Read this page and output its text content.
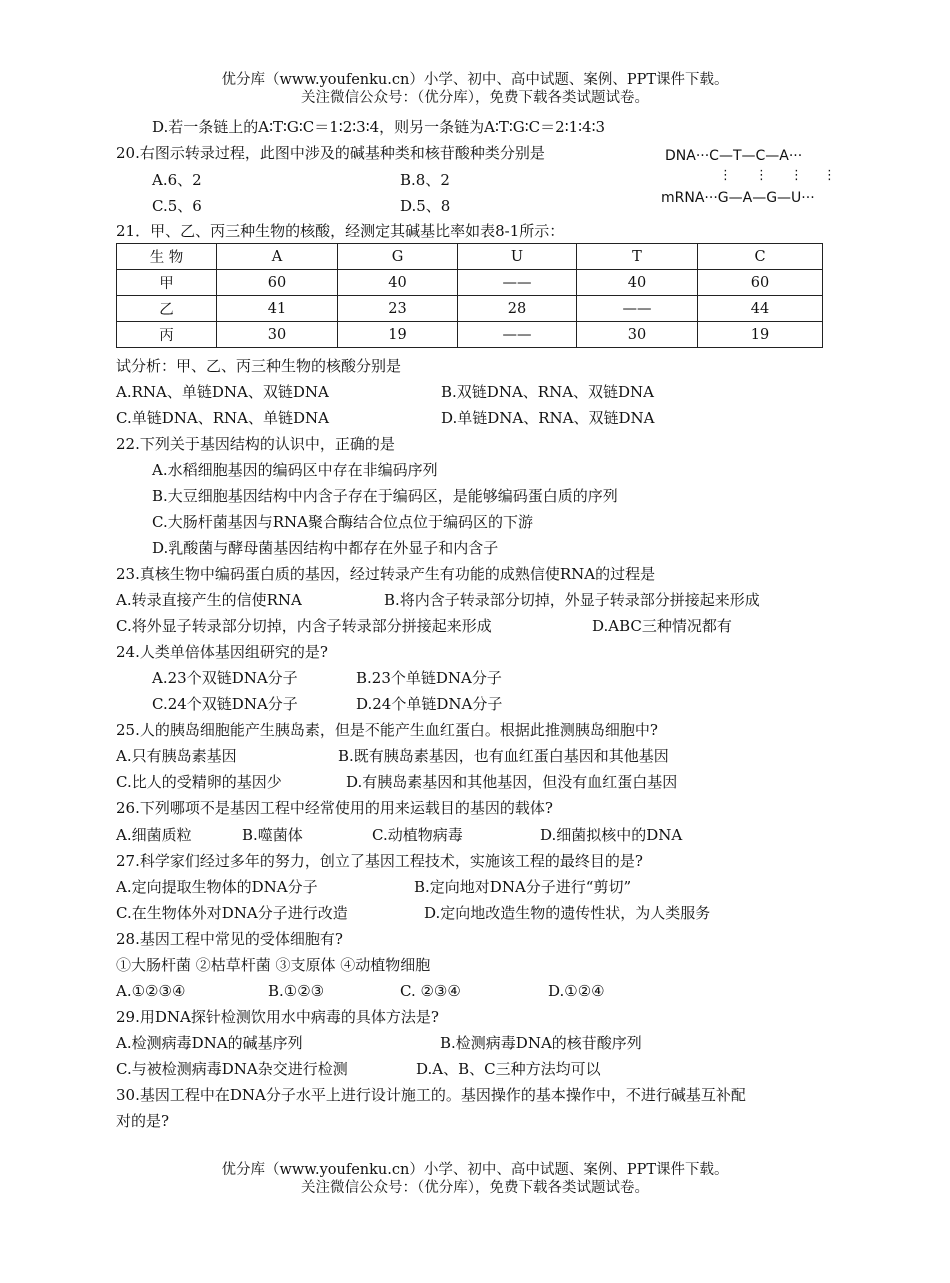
优分库（www.youfenku.cn）小学、初中、高中试题、案例、PPT课件下载。
关注微信公众号：（优分库），免费下载各类试题试卷。
D.若一条链上的A∶T∶G∶C＝1∶2∶3∶4，则另一条链为A∶T∶G∶C＝2∶1∶4∶3
20.右图示转录过程，此图中涉及的碱基种类和核苷酸种类分别是
A.6、2	B.8、2
C.5、6	D.5、8
DNA···C—T—C—A···
⋮ ⋮ ⋮ ⋮
mRNA···G—A—G—U···
21．甲、乙、丙三种生物的核酸，经测定其碱基比率如表8-1所示：
生 物	A	G	U	T	C
甲	60	40	——	40	60
乙	41	23	28	——	44
丙	30	19	——	30	19
试分析：甲、乙、丙三种生物的核酸分别是
A.RNA、单链DNA、双链DNA	B.双链DNA、RNA、双链DNA
C.单链DNA、RNA、单链DNA	D.单链DNA、RNA、双链DNA
22.下列关于基因结构的认识中，正确的是
A.水稻细胞基因的编码区中存在非编码序列
B.大豆细胞基因结构中内含子存在于编码区，是能够编码蛋白质的序列
C.大肠杆菌基因与RNA聚合酶结合位点位于编码区的下游
D.乳酸菌与酵母菌基因结构中都存在外显子和内含子
23.真核生物中编码蛋白质的基因，经过转录产生有功能的成熟信使RNA的过程是
A.转录直接产生的信使RNA	B.将内含子转录部分切掉，外显子转录部分拼接起来形成
C.将外显子转录部分切掉，内含子转录部分拼接起来形成	D.ABC三种情况都有
24.人类单倍体基因组研究的是?
A.23个双链DNA分子	B.23个单链DNA分子
C.24个双链DNA分子	D.24个单链DNA分子
25.人的胰岛细胞能产生胰岛素，但是不能产生血红蛋白。根据此推测胰岛细胞中?
A.只有胰岛素基因	B.既有胰岛素基因，也有血红蛋白基因和其他基因
C.比人的受精卵的基因少	D.有胰岛素基因和其他基因，但没有血红蛋白基因
26.下列哪项不是基因工程中经常使用的用来运载目的基因的载体?
A.细菌质粒	B.噬菌体	C.动植物病毒	D.细菌拟核中的DNA
27.科学家们经过多年的努力，创立了基因工程技术，实施该工程的最终目的是?
A.定向提取生物体的DNA分子	B.定向地对DNA分子进行“剪切”
C.在生物体外对DNA分子进行改造	D.定向地改造生物的遗传性状，为人类服务
28.基因工程中常见的受体细胞有?
①大肠杆菌 ②枯草杆菌 ③支原体 ④动植物细胞
A.①②③④	B.①②③	C. ②③④	D.①②④
29.用DNA探针检测饮用水中病毒的具体方法是?
A.检测病毒DNA的碱基序列	B.检测病毒DNA的核苷酸序列
C.与被检测病毒DNA杂交进行检测	D.A、B、C三种方法均可以
30.基因工程中在DNA分子水平上进行设计施工的。基因操作的基本操作中，不进行碱基互补配
对的是?
优分库（www.youfenku.cn）小学、初中、高中试题、案例、PPT课件下载。
关注微信公众号：（优分库），免费下载各类试题试卷。
